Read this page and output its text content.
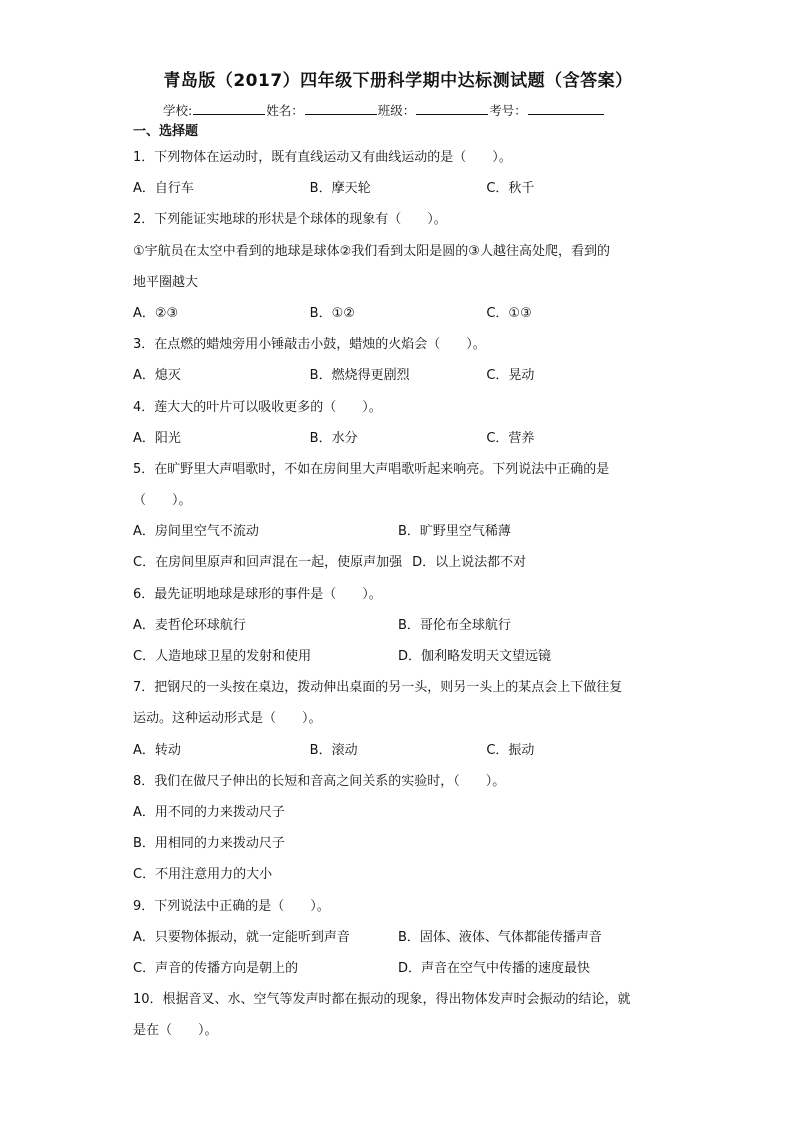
青岛版（2017）四年级下册科学期中达标测试题（含答案）
学校:	姓名：	班级：	考号：
一、选择题
1．下列物体在运动时，既有直线运动又有曲线运动的是（　　）。
A．自行车	B．摩天轮	C．秋千
2．下列能证实地球的形状是个球体的现象有（　　）。
①宇航员在太空中看到的地球是球体②我们看到太阳是圆的③人越往高处爬，看到的
地平圈越大
A．②③	B．①②	C．①③
3．在点燃的蜡烛旁用小锤敲击小鼓，蜡烛的火焰会（　　）。
A．熄灭	B．燃烧得更剧烈	C．晃动
4．莲大大的叶片可以吸收更多的（　　）。
A．阳光	B．水分	C．营养
5．在旷野里大声唱歌时，不如在房间里大声唱歌听起来响亮。下列说法中正确的是
（　　）。
A．房间里空气不流动	B．旷野里空气稀薄
C．在房间里原声和回声混在一起，使原声加强 D．以上说法都不对
6．最先证明地球是球形的事件是（　　）。
A．麦哲伦环球航行	B．哥伦布全球航行
C．人造地球卫星的发射和使用	D．伽利略发明天文望远镜
7．把钢尺的一头按在桌边，拨动伸出桌面的另一头，则另一头上的某点会上下做往复
运动。这种运动形式是（　　）。
A．转动	B．滚动	C．振动
8．我们在做尺子伸出的长短和音高之间关系的实验时，（　　）。
A．用不同的力来拨动尺子
B．用相同的力来拨动尺子
C．不用注意用力的大小
9．下列说法中正确的是（　　）。
A．只要物体振动，就一定能听到声音	B．固体、液体、气体都能传播声音
C．声音的传播方向是朝上的	D．声音在空气中传播的速度最快
10．根据音叉、水、空气等发声时都在振动的现象，得出物体发声时会振动的结论，就
是在（　　）。
